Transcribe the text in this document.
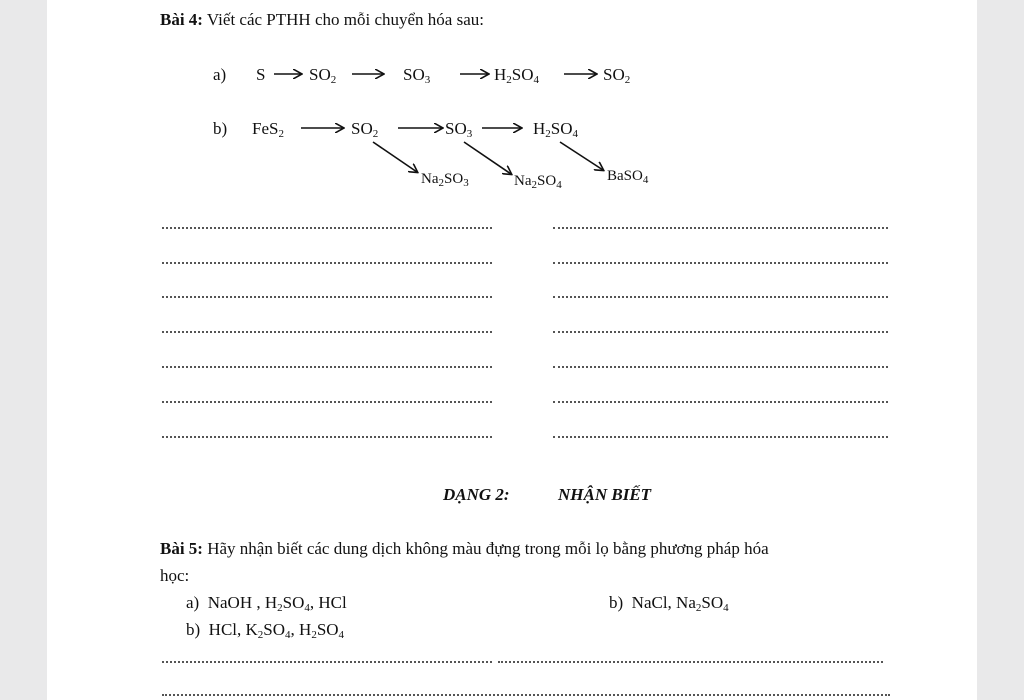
Bài 4: Viết các PTHH cho mỗi chuyển hóa sau:
a) S	$SO_2$	$SO_3$	$H_2SO_4$	$SO_2$
b) FeS$_2$	$SO_2$	$SO_3$	$H_2SO_4$
$Na_2SO_3$	$Na_2SO_4$
BaSO$_4$
DẠNG 2:	NHẬN BIẾT
Bài 5: Hãy nhận biết các dung dịch không màu đựng trong mỗi lọ bằng phương pháp hóa
học:
a) NaOH , $H_2SO_4$, HCl	b) NaCl, $Na_2SO_4$
b) HCl, $K_2SO_4$, $H_2SO_4$
